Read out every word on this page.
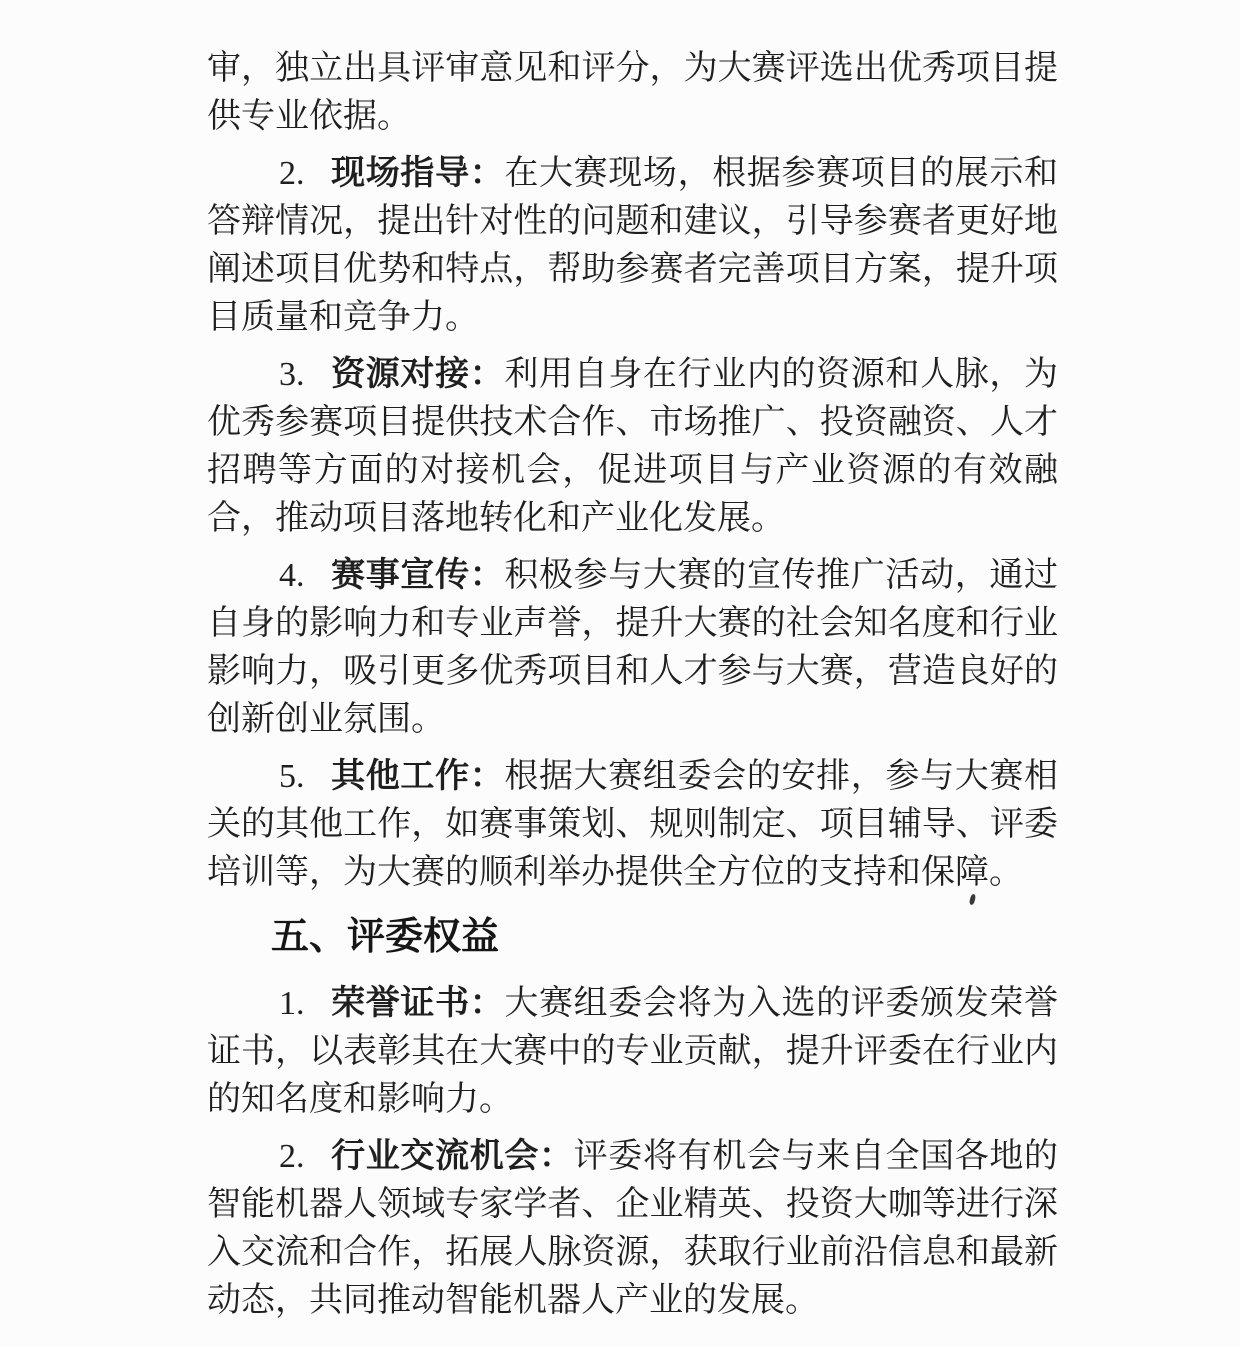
审，独立出具评审意见和评分，为大赛评选出优秀项目提供专业依据。

2. 现场指导：在大赛现场，根据参赛项目的展示和答辩情况，提出针对性的问题和建议，引导参赛者更好地阐述项目优势和特点，帮助参赛者完善项目方案，提升项目质量和竞争力。

3. 资源对接：利用自身在行业内的资源和人脉，为优秀参赛项目提供技术合作、市场推广、投资融资、人才招聘等方面的对接机会，促进项目与产业资源的有效融合，推动项目落地转化和产业化发展。

4. 赛事宣传：积极参与大赛的宣传推广活动，通过自身的影响力和专业声誉，提升大赛的社会知名度和行业影响力，吸引更多优秀项目和人才参与大赛，营造良好的创新创业氛围。

5. 其他工作：根据大赛组委会的安排，参与大赛相关的其他工作，如赛事策划、规则制定、项目辅导、评委培训等，为大赛的顺利举办提供全方位的支持和保障。

五、评委权益

1. 荣誉证书：大赛组委会将为入选的评委颁发荣誉证书，以表彰其在大赛中的专业贡献，提升评委在行业内的知名度和影响力。

2. 行业交流机会：评委将有机会与来自全国各地的智能机器人领域专家学者、企业精英、投资大咖等进行深入交流和合作，拓展人脉资源，获取行业前沿信息和最新动态，共同推动智能机器人产业的发展。
